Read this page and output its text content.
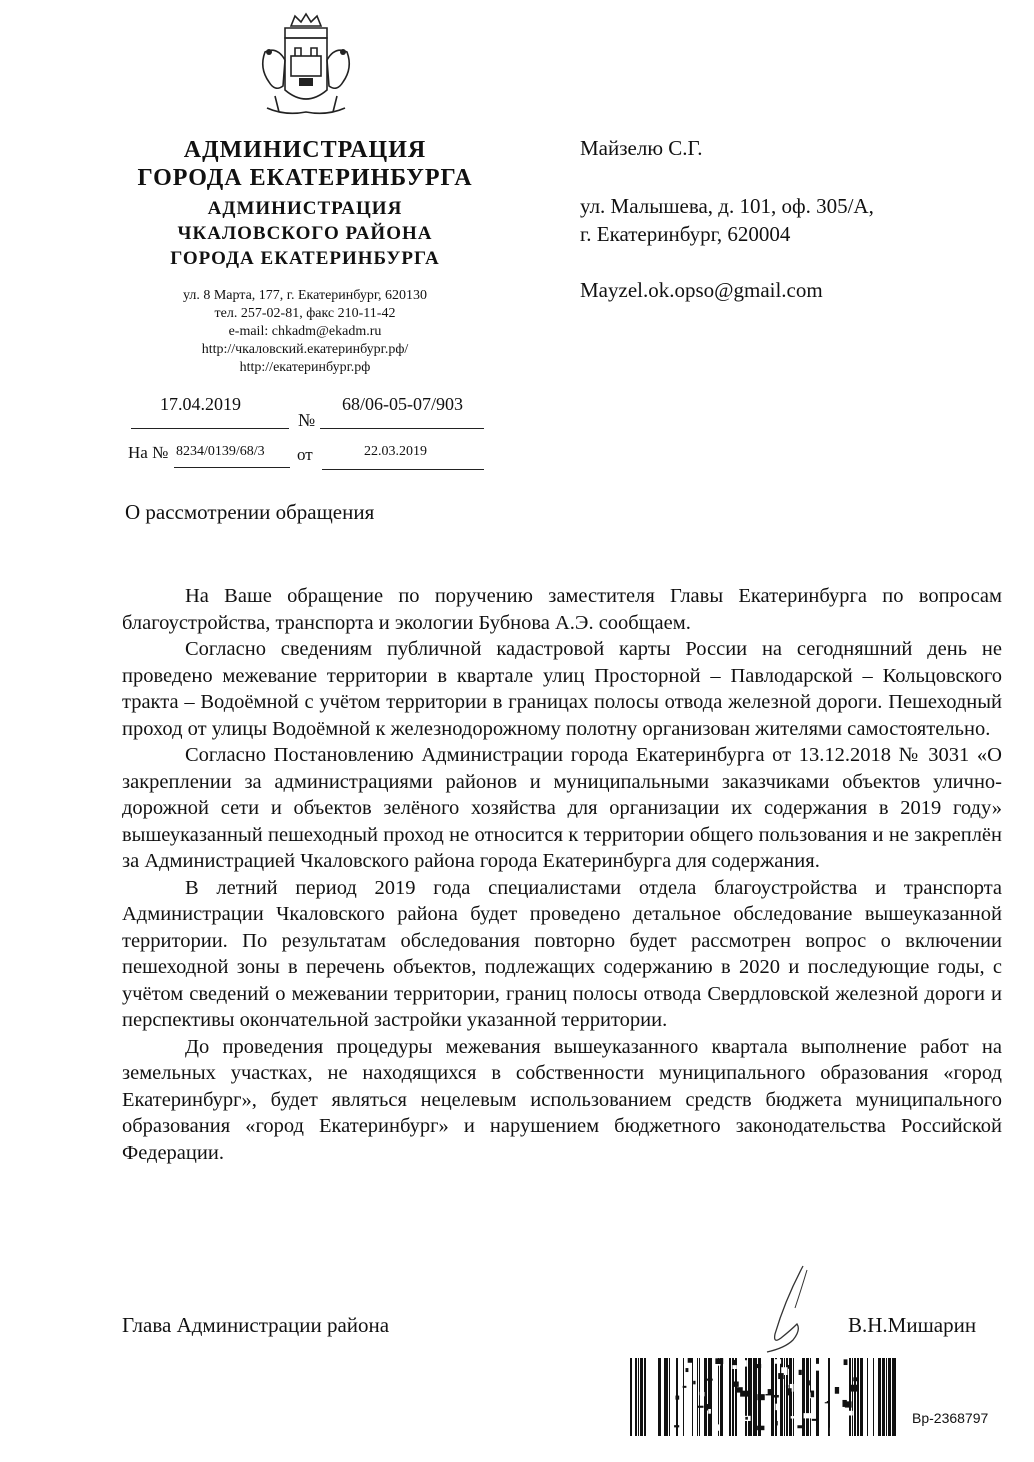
АДМИНИСТРАЦИЯ
ГОРОДА ЕКАТЕРИНБУРГА
АДМИНИСТРАЦИЯ
ЧКАЛОВСКОГО РАЙОНА
ГОРОДА ЕКАТЕРИНБУРГА
ул. 8 Марта, 177, г. Екатеринбург, 620130
тел. 257-02-81, факс 210-11-42
e-mail: chkadm@ekadm.ru
http://чкаловский.екатеринбург.рф/
http://екатеринбург.рф
17.04.2019
№
68/06-05-07/903
На № 8234/0139/68/3 от	22.03.2019
Майзелю С.Г.
ул. Малышева, д. 101, оф. 305/А,
г. Екатеринбург, 620004
Mayzel.ok.opso@gmail.com
О рассмотрении обращения

На Ваше обращение по поручению заместителя Главы Екатеринбурга по вопросам благоустройства, транспорта и экологии Бубнова А.Э. сообщаем.

Согласно сведениям публичной кадастровой карты России на сегодняшний день не проведено межевание территории в квартале улиц Просторной – Павлодарской – Кольцовского тракта – Водоёмной с учётом территории в границах полосы отвода железной дороги. Пешеходный проход от улицы Водоёмной к железнодорожному полотну организован жителями самостоятельно.

Согласно Постановлению Администрации города Екатеринбурга от 13.12.2018 № 3031 «О закреплении за администрациями районов и муниципальными заказчиками объектов улично-дорожной сети и объектов зелёного хозяйства для организации их содержания в 2019 году» вышеуказанный пешеходный проход не относится к территории общего пользования и не закреплён за Администрацией Чкаловского района города Екатеринбурга для содержания.

В летний период 2019 года специалистами отдела благоустройства и транспорта Администрации Чкаловского района будет проведено детальное обследование вышеуказанной территории. По результатам обследования повторно будет рассмотрен вопрос о включении пешеходной зоны в перечень объектов, подлежащих содержанию в 2020 и последующие годы, с учётом сведений о межевании территории, границ полосы отвода Свердловской железной дороги и перспективы окончательной застройки указанной территории.

До проведения процедуры межевания вышеуказанного квартала выполнение работ на земельных участках, не находящихся в собственности муниципального образования «город Екатеринбург», будет являться нецелевым использованием средств бюджета муниципального образования «город Екатеринбург» и нарушением бюджетного законодательства Российской Федерации.

Глава Администрации района	В.Н.Мишарин
Вр-2368797
